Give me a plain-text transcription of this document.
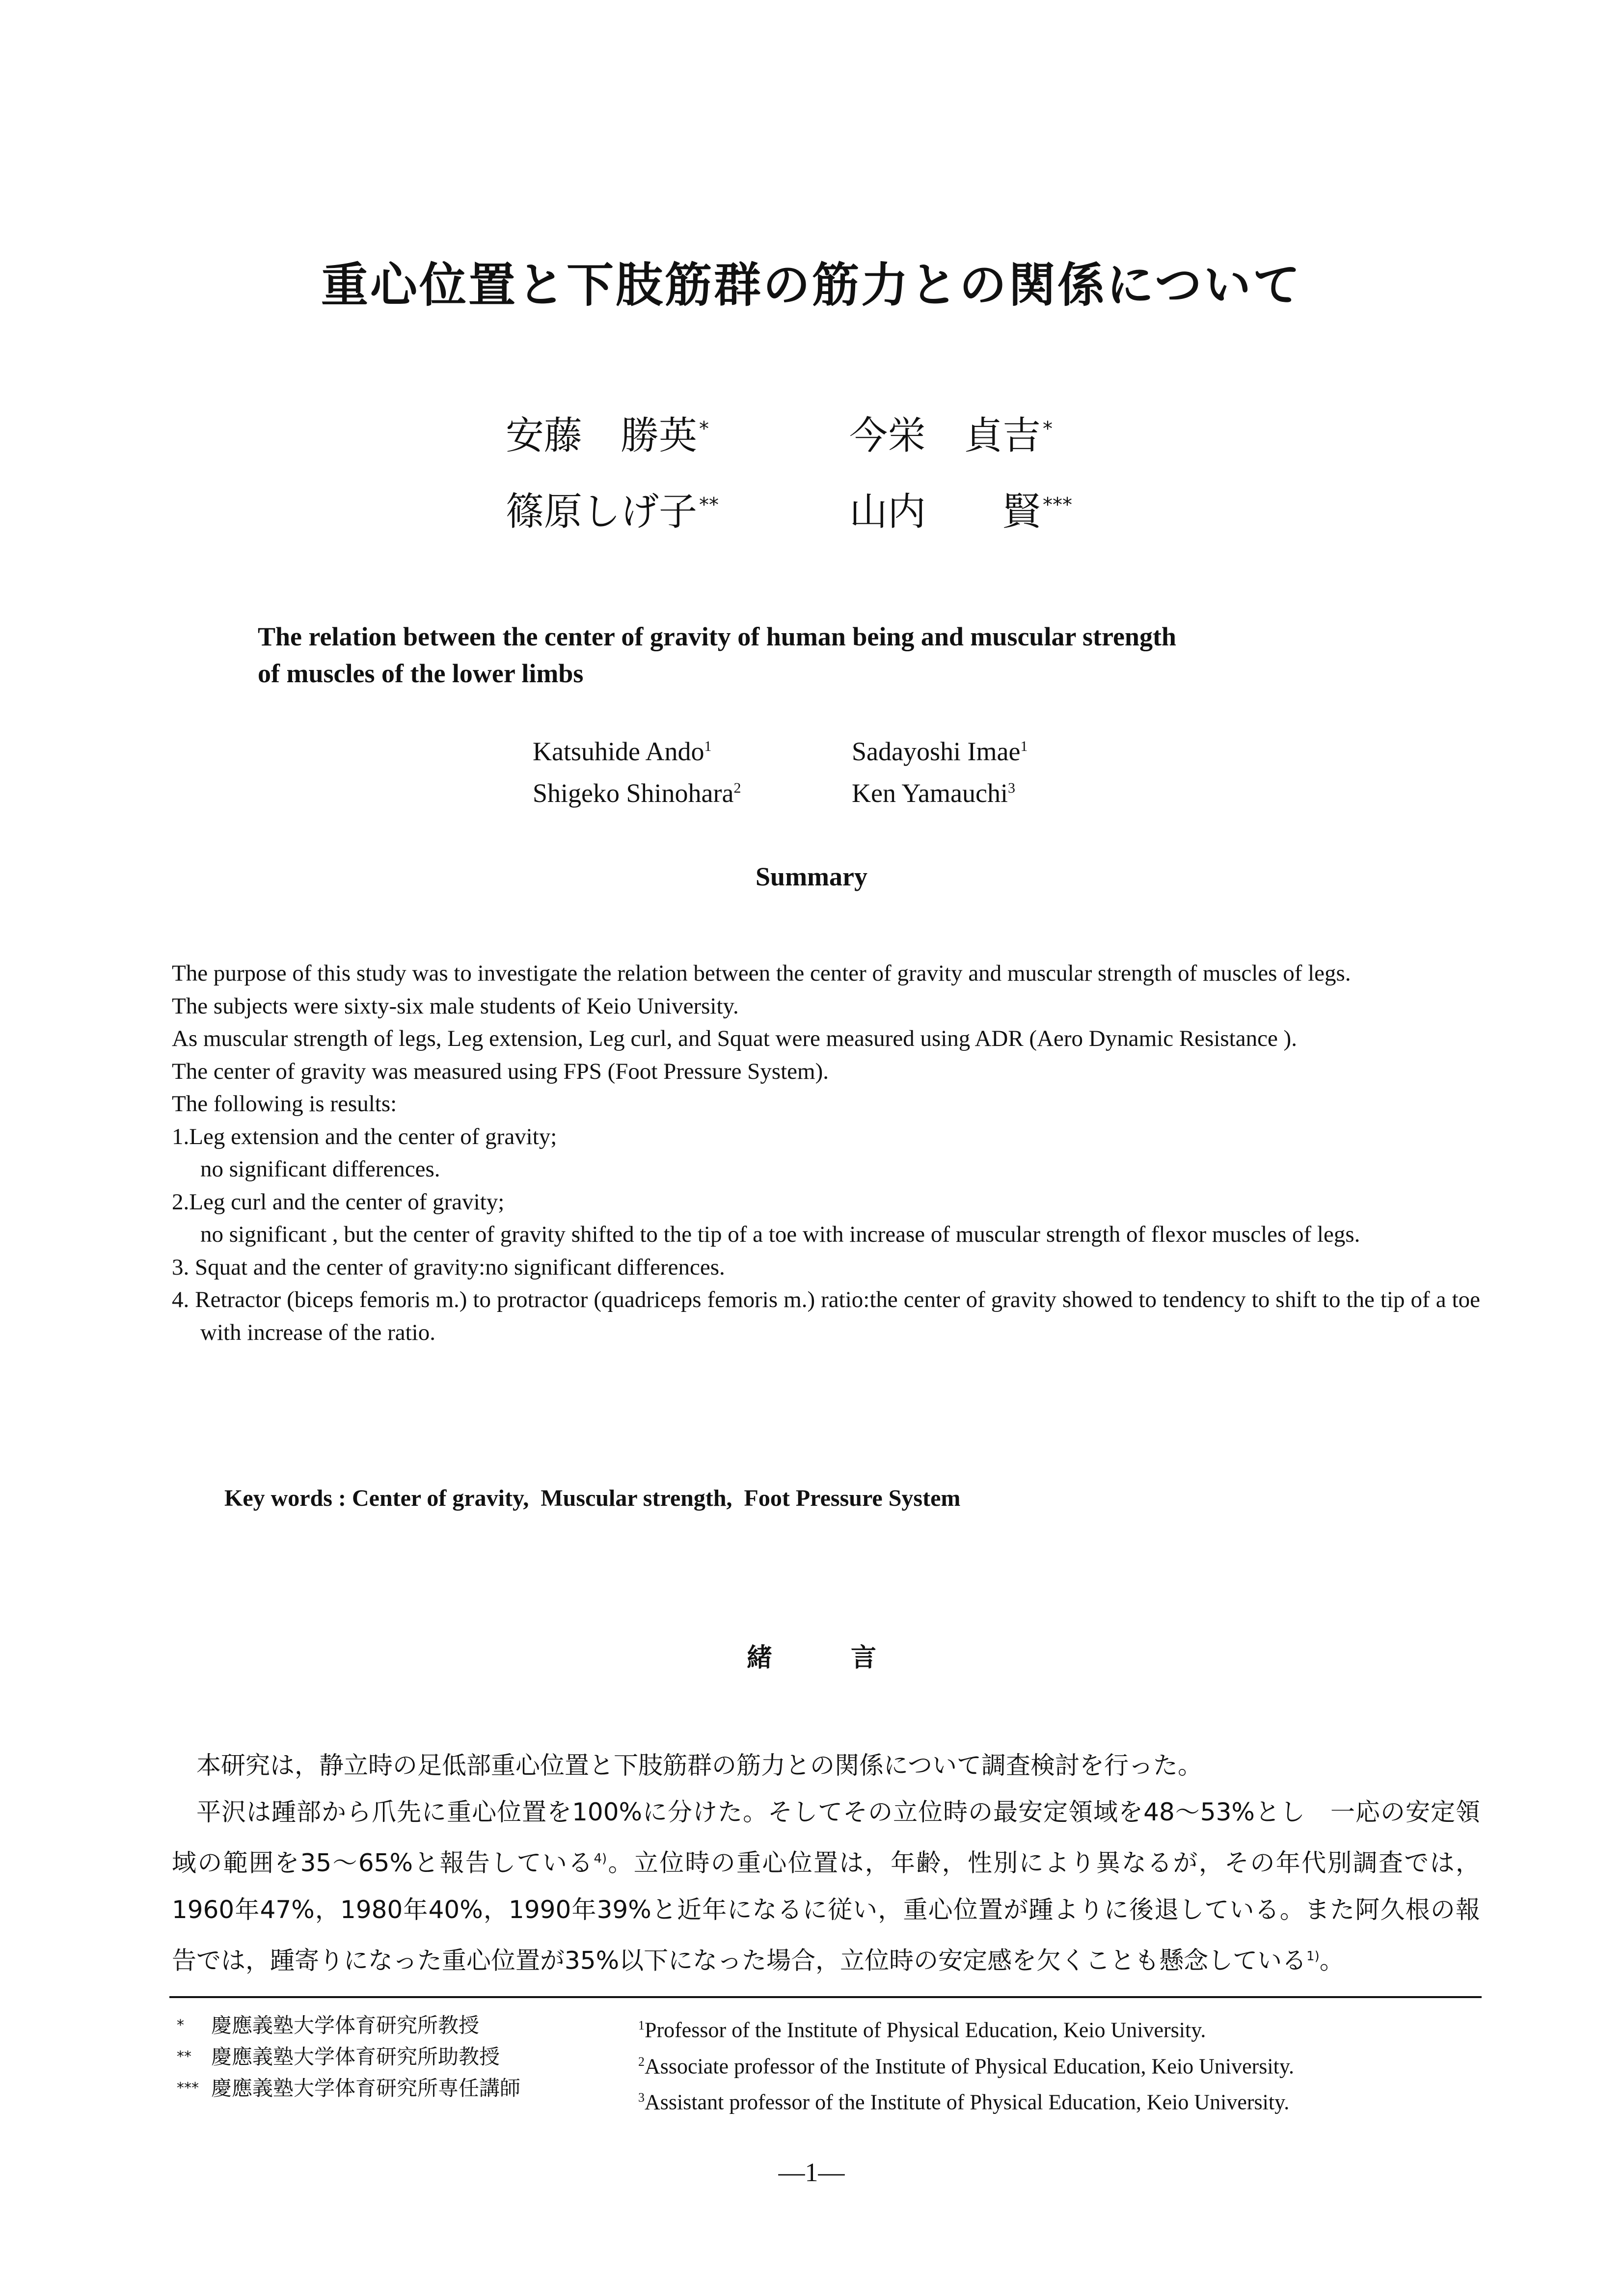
重心位置と下肢筋群の筋力との関係について
安藤　勝英 *	今栄　貞吉 *
篠原しげ子 **	山内　　賢 ***
The relation between the center of gravity of human being and muscular strength
of muscles of the lower limbs
Katsuhide Ando$^1$	Sadayoshi Imae$^1$
Shigeko Shinohara$^2$	Ken Yamauchi$^3$
Summary

The purpose of this study was to investigate the relation between the center of gravity and muscular strength of muscles of legs.

The subjects were sixty-six male students of Keio University.

As muscular strength of legs, Leg extension, Leg curl, and Squat were measured using ADR (Aero Dynamic Resistance ).

The center of gravity was measured using FPS (Foot Pressure System).

The following is results:

1.Leg extension and the center of gravity;

no significant differences.

2.Leg curl and the center of gravity;

no significant , but the center of gravity shifted to the tip of a toe with increase of muscular strength of flexor muscles of legs.

3. Squat and the center of gravity:no significant differences.

4. Retractor (biceps femoris m.) to protractor (quadriceps femoris m.) ratio:the center of gravity showed to tendency to shift to the tip of a toe with increase of the ratio.

Key words : Center of gravity,  Muscular strength,  Foot Pressure System
緒言

本研究は，静立時の足低部重心位置と下肢筋群の筋力との関係について調査検討を行った。

平沢は踵部から爪先に重心位置を100%に分けた。そしてその立位時の最安定領域を48〜53%とし　一応の安定領域の範囲を35〜65%と報告している$^{4)}$。立位時の重心位置は，年齢，性別により異なるが，その年代別調査では，1960年47%，1980年40%，1990年39%と近年になるに従い，重心位置が踵よりに後退している。また阿久根の報告では，踵寄りになった重心位置が35%以下になった場合，立位時の安定感を欠くことも懸念している$^{1)}$。

* 慶應義塾大学体育研究所教授
** 慶應義塾大学体育研究所助教授
*** 慶應義塾大学体育研究所専任講師
$^1$Professor of the Institute of Physical Education, Keio University.
$^2$Associate professor of the Institute of Physical Education, Keio University.
$^3$Assistant professor of the Institute of Physical Education, Keio University.
—1—
